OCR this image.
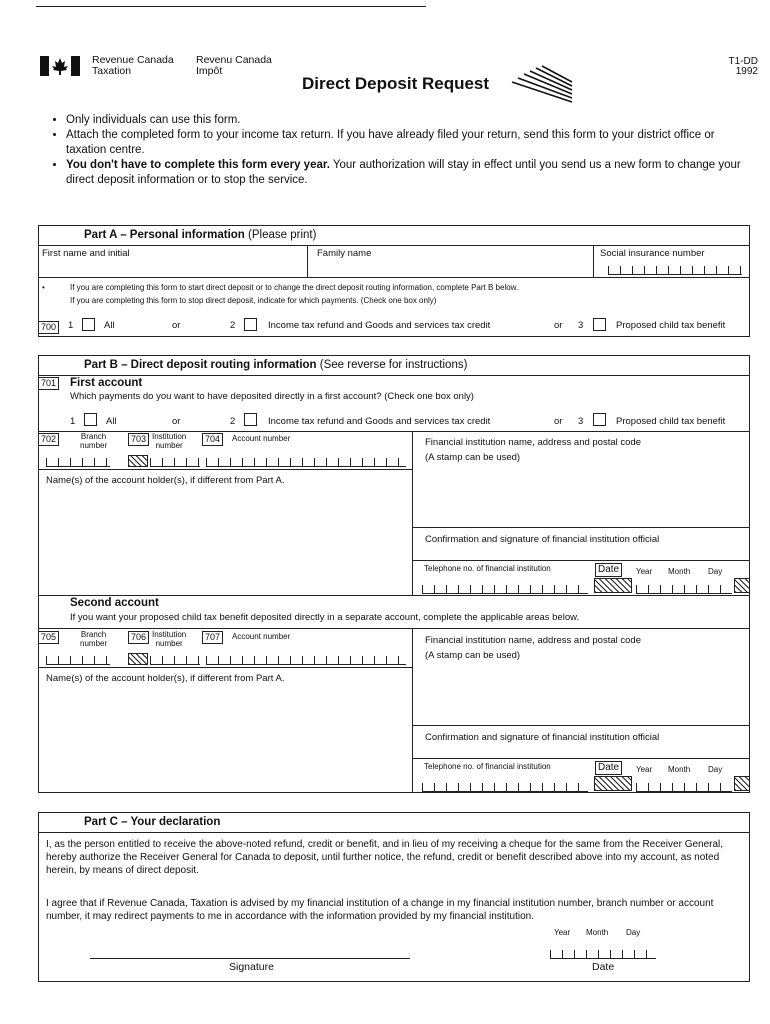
Revenue Canada
Taxation
Revenu Canada
Impôt
Direct Deposit Request
T1-DD
1992
• Only individuals can use this form.
• Attach the completed form to your income tax return. If you have already filed your return, send this form to your district office or taxation centre.
• You don't have to complete this form every year. Your authorization will stay in effect until you send us a new form to change your direct deposit information or to stop the service.
Part A – Personal information (Please print)
First name and initial	Family name	Social insurance number
•	If you are completing this form to start direct deposit or to change the direct deposit routing information, complete Part B below.
If you are completing this form to stop direct deposit, indicate for which payments. (Check one box only)
700	1	All	or	2	Income tax refund and Goods and services tax credit	or 3	Proposed child tax benefit
Part B – Direct deposit routing information (See reverse for instructions)
701 First account
Which payments do you want to have deposited directly in a first account? (Check one box only)
1	All	or	2	Income tax refund and Goods and services tax credit	or 3	Proposed child tax benefit
702	Branch
number
703 Institution
number
704	Account number
Name(s) of the account holder(s), if different from Part A.
Financial institution name, address and postal code
(A stamp can be used)
Confirmation and signature of financial institution official
Telephone no. of financial institution	Date	Year Month Day
Second account
If you want your proposed child tax benefit deposited directly in a separate account, complete the applicable areas below.
705	Branch
number
706 Institution
number
707	Account number
Name(s) of the account holder(s), if different from Part A.
Financial institution name, address and postal code
(A stamp can be used)
Confirmation and signature of financial institution official
Telephone no. of financial institution	Date	Year Month Day
Part C – Your declaration
I, as the person entitled to receive the above-noted refund, credit or benefit, and in lieu of my receiving a cheque for the same from the Receiver General, hereby authorize the Receiver General for Canada to deposit, until further notice, the refund, credit or benefit described above into my account, as noted herein, by means of direct deposit.
I agree that if Revenue Canada, Taxation is advised by my financial institution of a change in my financial institution number, branch number or account number, it may redirect payments to me in accordance with the information provided by my financial institution.
Year Month Day
Signature	Date
